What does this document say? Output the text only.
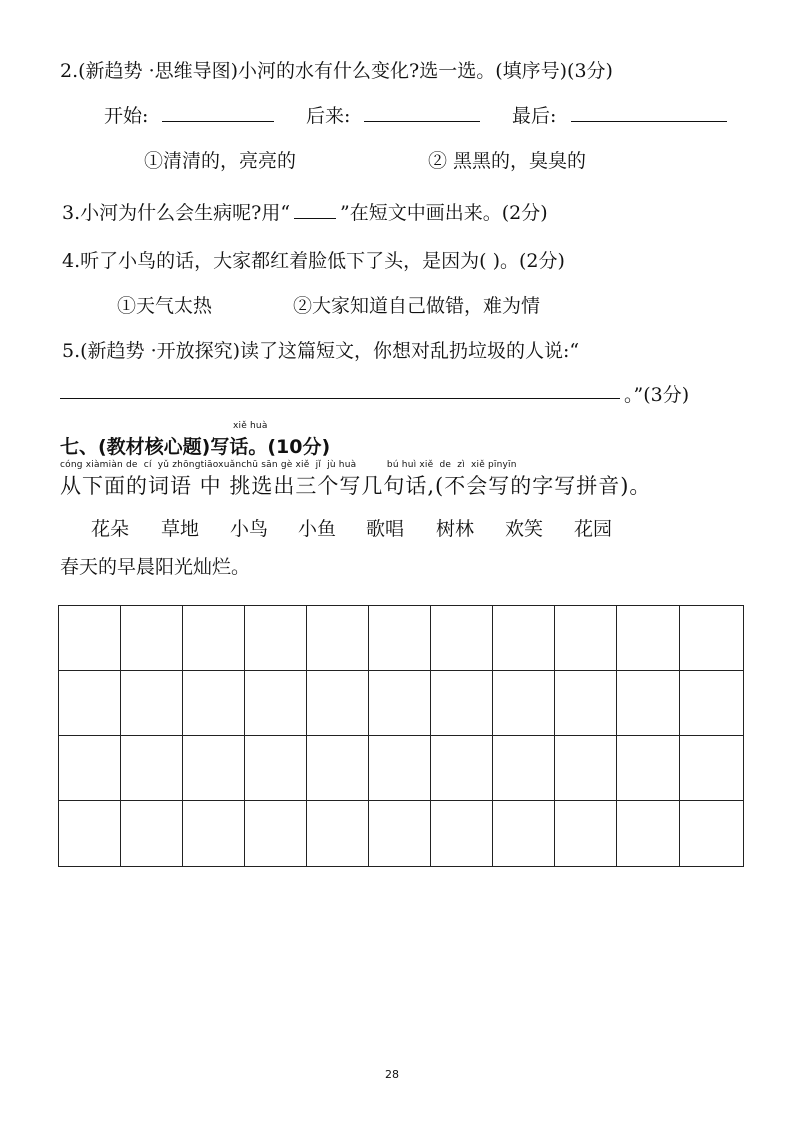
2.(新趋势 ·思维导图)小河的水有什么变化?选一选。(填序号)(3分)
开始:	后来:	最后:
①清清的，亮亮的	② 黑黑的，臭臭的
3.小河为什么会生病呢?用“	”在短文中画出来。(2分)
4.听了小鸟的话，大家都红着脸低下了头，是因为( )。(2分)
①天气太热	②大家知道自己做错，难为情
5.(新趋势 ·开放探究)读了这篇短文，你想对乱扔垃圾的人说:“
。”(3分)
xiě huà
七、(教材核心题)写话。(10分)
cóng xiàmiàn de  cí  yǔ zhōngtiāoxuǎnchū sān gè xiě  jǐ  jù huà          bú huì xiě  de  zì  xiě pīnyīn
从下面的词语 中 挑选出三个写几句话,(不会写的字写拼音)。
花朵 草地 小鸟 小鱼 歌唱 树林 欢笑 花园
春天的早晨阳光灿烂。
28
